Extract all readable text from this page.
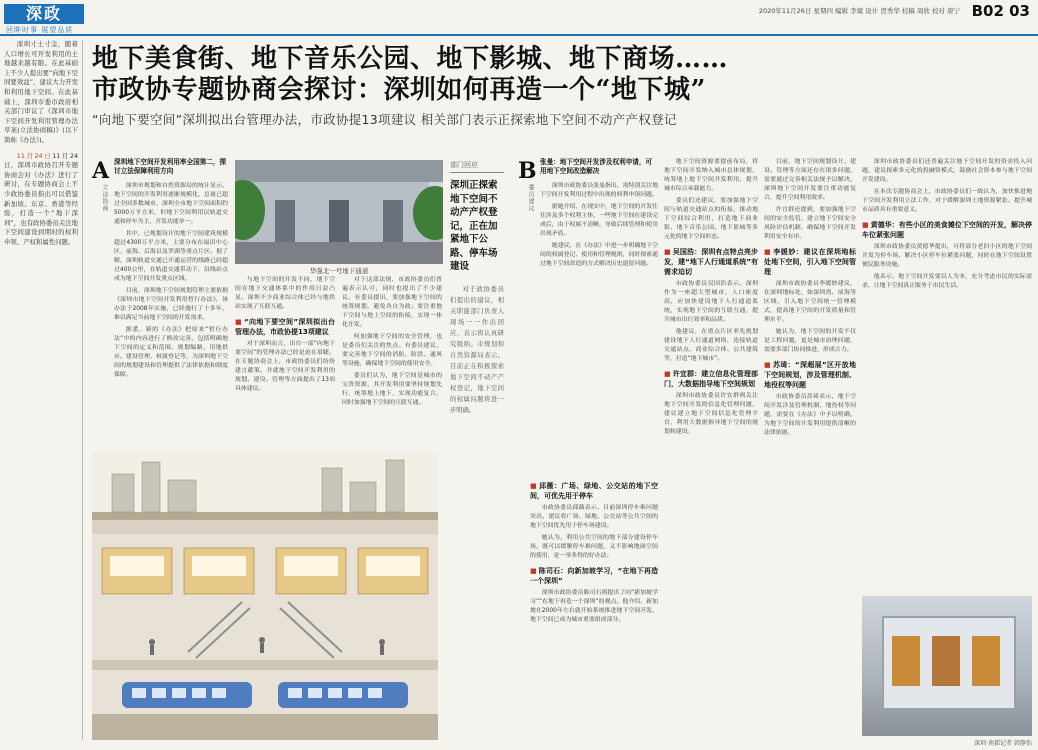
深政
回眸时事 展望品质
2020年11月26日 星期四 编辑 李斌 设计 贺秀华 校稿 周欣 校对 唐宁 B02 03

深圳寸土寸金，随着人口增长可开发利用的土地越来越有限。在此基础上不少人提出要“向地下空间要效益”，建议大力开发和利用地下空间。在此基础上，深圳市委市政府相关部门审议了《深圳市地下空间开发利用管理办法草案(立法协商稿)》(以下简称《办法》)。

11月24日11月24日，深圳市政协召开专题协商会对《办法》进行了研讨，在专题协商会上不少政协委员指出可以借鉴新加坡、东京、香港等经验，打造一个“地下深圳”，也有政协委员关注地下空间建设到期时的权利申领、产权和属性问题。

地下美食街、地下音乐公园、地下影城、地下商场……
市政协专题协商会探讨：深圳如何再造一个“地下城”
“向地下要空间”深圳拟出台管理办法，市政协提13项建议 相关部门表示正探索地下空间不动产产权登记
A
立法协商
深圳地下空间开发利用率全国第二，探讨立法保障利用方向

深圳市规划和自然资源局的统计显示，地下空间的开发利用逐渐规模化，总量已超过全国多数城市，深圳全市地下空间面积约5000万平方米，但地下空间利用以轨道交通和停车为主，开发功能单一。

其中，已规划设计的地下空间建筑规模超过4300万平方米，主要分布在福田中心区、前海、后海以及罗湖等重点片区。据了解，深圳轨道交通已开通运营的线路已经超过400公里，在轨道交通带动下，沿线站点成为地下空间开发重点区域。

目前，深圳地下空间规划管理主要依据《深圳市地下空间开发利用暂行办法》，该办法于2008年实施，已经施行了十多年，难以满足当前地下空间的开发需求。

据悉，新的《办法》把原来“暂行办法”中的内容进行了修改完善，包括明确地下空间的定义和范围、规划编制、用地供应、建设管理、权属登记等，为深圳地下空间的规划建设和管理提供了法律依据和制度保障。

华强北一号地下通道

与地下空间的开发不同，地下空间在地下交通体系中的作用日益凸显。深圳不少商业综合体已经与地铁站实现了互联互通。

■ “向地下要空间”深圳拟出台管理办法，市政协提13项建议

对于深圳而言，出台一部“向地下要空间”的管理办法已经是迫在眉睫。在专题协商会上，市政协委员们纷纷建言献策，并就地下空间开发利用的规划、建设、管理等方面提出了13项具体建议。

对于这部法规，市政协委员们普遍表示认可，同时也提出了不少建议。有委员提出，要加强地下空间的统筹规划，避免各自为政；要注重地下空间与地上空间的衔接，实现一体化开发。

何加强地下空间的安全管理，也是委员们关注的焦点。有委员建议，要完善地下空间的消防、防洪、通风等设施，确保地下空间的使用安全。

委员们认为，地下空间是城市的宝贵资源，其开发利用要坚持规划先行，统筹地上地下，实现功能复合，同时加强地下空间的互联互通。

部门回应
深圳正探索地下空间不动产产权登记，正在加紧地下公路、停车场建设
对于政协委员们提出的建议，相关职能部门负责人现场一一作出回应，表示将认真研究吸纳。市规划和自然资源局表示，目前正在积极探索地下空间不动产产权登记，地下空间的权属问题将进一步明确。
B
委员建议
张曼：地下空间开发涉及权利申请，可用地下空间改造解决

深圳市政协委员张曼指出，需特别关注地下空间开发利用过程中出现的权利申领问题。

据她介绍，在现实中，地下空间的开发往往涉及多个权利主体，一些地下空间在建设完成后，由于权属不清晰，导致后续管理和使用出现矛盾。

她建议，在《办法》中进一步明确地下空间的权属登记、使用和管理规则，同时探索通过地下空间改造的方式解决历史遗留问题。

■ 邱薇：广场、绿地、公交站的地下空间，可优先用于停车

市政协委员邱薇表示，目前深圳停车难问题突出，建议将广场、绿地、公交站等公共空间的地下空间优先用于停车场建设。

她认为，利用公共空间的地下部分建设停车场，既可以缓解停车难问题，又不影响地面空间的使用，是一举多得的好办法。

■ 陈司石：向新加坡学习，“在地下再造一个深圳”

深圳市政协委员陈司石则提出了向“新加坡学习”“在地下再造一个深圳”的观点。他介绍，新加坡在2000年左右就开始系统推进地下空间开发，地下空间已成为城市重要组成部分。

地下空间资源要提前布局，将地下空间开发纳入城市总体规划，统筹地上地下空间开发利用，提升城市综合承载能力。

委员们还建议，要加强地下空间与轨道交通站点的衔接，推动地下空间综合利用，打造地下商业街、地下音乐公园、地下影城等多元化的地下空间形态。

■ 吴国浩：深圳有点特点亮步发，建“地下人行通道系统”有需求迫切

市政协委员吴国浩表示，深圳作为一座超大型城市，人口密度高，应加快建设地下人行通道系统，实现地下空间的互联互通，提升城市出行效率和品质。

他建议，在重点片区率先规划建设地下人行通道网络，连接轨道交通站点、商业综合体、公共建筑等，打造“地下城市”。

■ 许宜群：建立信息化管理部门，大数据指导地下空间规划

深圳市政协委员许宜群则关注地下空间开发的信息化管理问题，建议建立地下空间信息化管理平台，利用大数据指导地下空间的规划和建设。

目前，地下空间规划设计、建设、管理等方面还存在诸多问题，需要通过完善相关法规予以解决。深圳地下空间开发要注重功能复合，提升空间利用效率。

许宜群还提到，要加强地下空间的安全监管，建立地下空间安全风险评估机制，确保地下空间开发利用安全有序。

■ 李媛妙：建议在深圳地标处地下空间，引入地下空间管理

深圳市政协委员李媛妙建议，在深圳地标处，如深圳湾、前海等区域，引入地下空间统一管理模式，提高地下空间的开发质量和管理水平。

她认为，地下空间的开发不仅是工程问题，更是城市治理问题，需要多部门协同推进，形成合力。

■ 苏琦：“深超展”区开放地下空间规划，涉及管理机制、地役权等问题

市政协委员苏琦表示，地下空间开发涉及管理机制、地役权等问题，需要在《办法》中予以明确，为地下空间的开发利用提供清晰的法律依据。

深圳市政协委员们还普遍关注地下空间开发的资金投入问题，建议探索多元化的投融资模式，鼓励社会资本参与地下空间开发建设。

在本次专题协商会上，市政协委员们一致认为，加快推进地下空间开发利用立法工作，对于缓解深圳土地资源紧张、提升城市品质具有重要意义。

■ 黄德华：有些小区的美食摊位下空间的开发，解决停车位紧张问题

深圳市政协委员黄德华提出，可将部分老旧小区的地下空间开发为停车场，解决小区停车位紧张问题，同时在地下空间设置便民服务设施。

他表示，地下空间开发要以人为本，充分考虑市民的实际需求，让地下空间真正服务于市民生活。

深圳·南都记者 韩静怡
